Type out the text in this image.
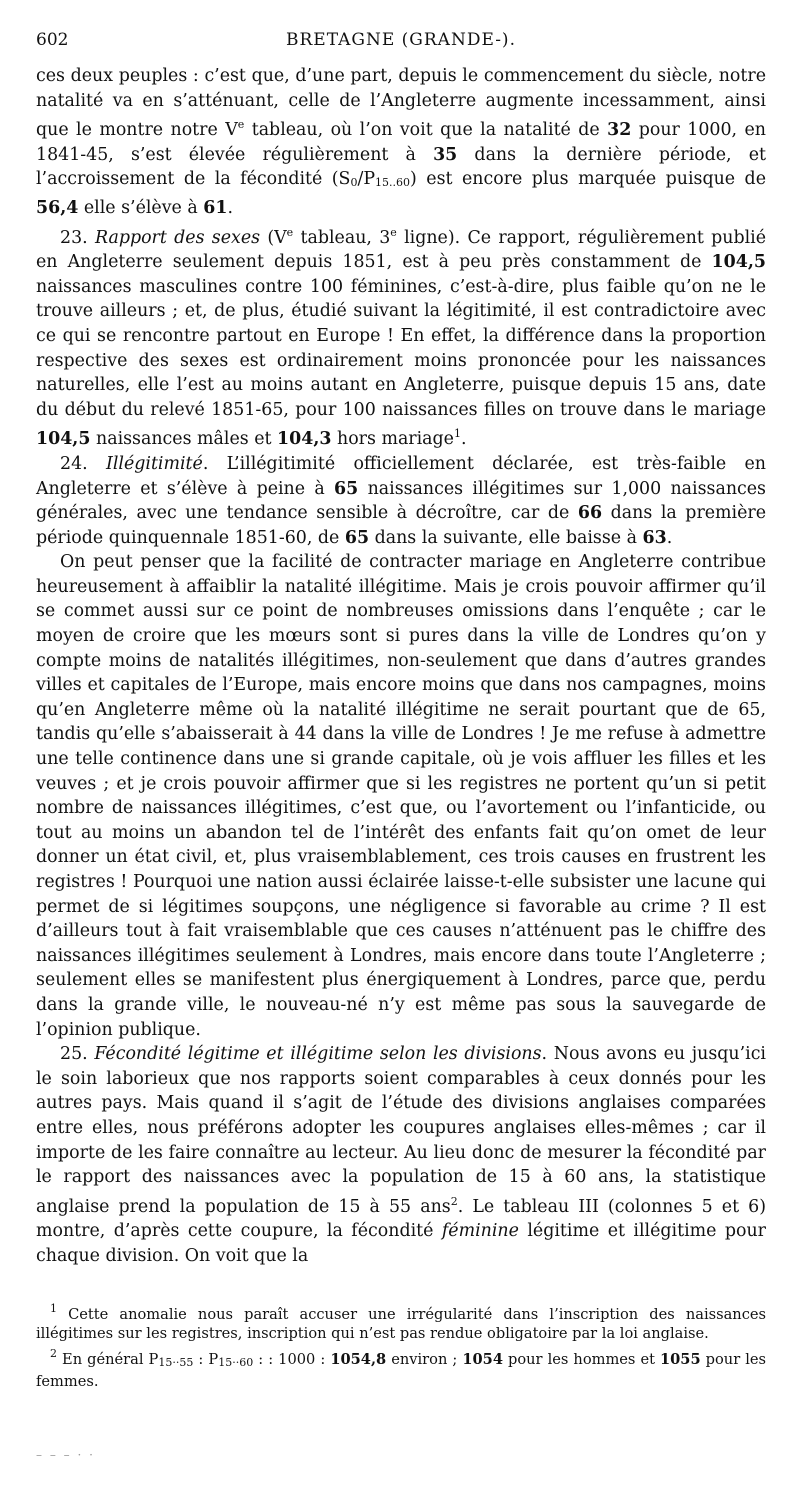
602	BRETAGNE (GRANDE-).

ces deux peuples : c’est que, d’une part, depuis le commencement du siècle, notre natalité va en s’atténuant, celle de l’Angleterre augmente incessamment, ainsi que le montre notre Ve tableau, où l’on voit que la natalité de 32 pour 1000, en 1841-45, s’est élevée régulièrement à 35 dans la dernière période, et l’accroissement de la fécondité (S0/P15..60) est encore plus marquée puisque de 56,4 elle s’élève à 61.

23. Rapport des sexes (Ve tableau, 3e ligne). Ce rapport, régulièrement publié en Angleterre seulement depuis 1851, est à peu près constamment de 104,5 naissances masculines contre 100 féminines, c’est-à-dire, plus faible qu’on ne le trouve ailleurs ; et, de plus, étudié suivant la légitimité, il est contradictoire avec ce qui se rencontre partout en Europe ! En effet, la différence dans la proportion respective des sexes est ordinairement moins prononcée pour les naissances naturelles, elle l’est au moins autant en Angleterre, puisque depuis 15 ans, date du début du relevé 1851-65, pour 100 naissances filles on trouve dans le mariage 104,5 naissances mâles et 104,3 hors mariage$^1$.

24. Illégitimité. L’illégitimité officiellement déclarée, est très-faible en Angleterre et s’élève à peine à 65 naissances illégitimes sur 1,000 naissances générales, avec une tendance sensible à décroître, car de 66 dans la première période quinquennale 1851-60, de 65 dans la suivante, elle baisse à 63.

On peut penser que la facilité de contracter mariage en Angleterre contribue heureusement à affaiblir la natalité illégitime. Mais je crois pouvoir affirmer qu’il se commet aussi sur ce point de nombreuses omissions dans l’enquête ; car le moyen de croire que les mœurs sont si pures dans la ville de Londres qu’on y compte moins de natalités illégitimes, non-seulement que dans d’autres grandes villes et capitales de l’Europe, mais encore moins que dans nos campagnes, moins qu’en Angleterre même où la natalité illégitime ne serait pourtant que de 65, tandis qu’elle s’abaisserait à 44 dans la ville de Londres ! Je me refuse à admettre une telle continence dans une si grande capitale, où je vois affluer les filles et les veuves ; et je crois pouvoir affirmer que si les registres ne portent qu’un si petit nombre de naissances illégitimes, c’est que, ou l’avortement ou l’infanticide, ou tout au moins un abandon tel de l’intérêt des enfants fait qu’on omet de leur donner un état civil, et, plus vraisemblablement, ces trois causes en frustrent les registres ! Pourquoi une nation aussi éclairée laisse-t-elle subsister une lacune qui permet de si légitimes soupçons, une négligence si favorable au crime ? Il est d’ailleurs tout à fait vraisemblable que ces causes n’atténuent pas le chiffre des naissances illégitimes seulement à Londres, mais encore dans toute l’Angleterre ; seulement elles se manifestent plus énergiquement à Londres, parce que, perdu dans la grande ville, le nouveau-né n’y est même pas sous la sauvegarde de l’opinion publique.

25. Fécondité légitime et illégitime selon les divisions. Nous avons eu jusqu’ici le soin laborieux que nos rapports soient comparables à ceux donnés pour les autres pays. Mais quand il s’agit de l’étude des divisions anglaises comparées entre elles, nous préférons adopter les coupures anglaises elles-mêmes ; car il importe de les faire connaître au lecteur. Au lieu donc de mesurer la fécondité par le rapport des naissances avec la population de 15 à 60 ans, la statistique anglaise prend la population de 15 à 55 ans$^2$. Le tableau III (colonnes 5 et 6) montre, d’après cette coupure, la fécondité féminine légitime et illégitime pour chaque division. On voit que la

$^1$ Cette anomalie nous paraît accuser une irrégularité dans l’inscription des naissances illégitimes sur les registres, inscription qui n’est pas rendue obligatoire par la loi anglaise.

$^2$ En général P15··55 : P15··60 : : 1000 : 1054,8 environ ; 1054 pour les hommes et 1055 pour les femmes.

– – – · ·
